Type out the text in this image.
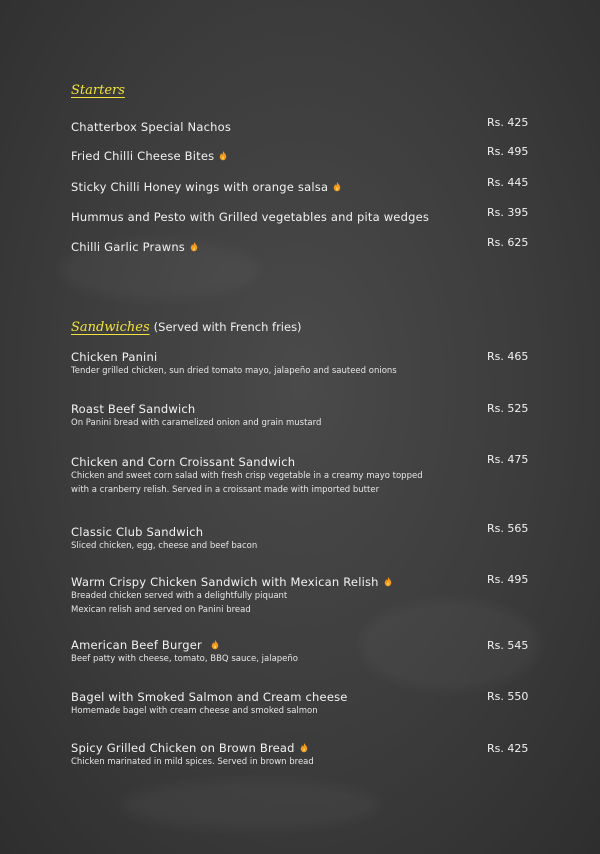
Starters
Chatterbox Special Nachos	Rs. 425
Fried Chilli Cheese Bites	Rs. 495
Sticky Chilli Honey wings with orange salsa	Rs. 445
Hummus and Pesto with Grilled vegetables and pita wedges	Rs. 395
Chilli Garlic Prawns	Rs. 625
Sandwiches (Served with French fries)
Chicken Panini
Tender grilled chicken, sun dried tomato mayo, jalapeño and sauteed onions
Rs. 465
Roast Beef Sandwich
On Panini bread with caramelized onion and grain mustard
Rs. 525
Chicken and Corn Croissant Sandwich
Chicken and sweet corn salad with fresh crisp vegetable in a creamy mayo topped
with a cranberry relish. Served in a croissant made with imported butter
Rs. 475
Classic Club Sandwich
Sliced chicken, egg, cheese and beef bacon
Rs. 565
Warm Crispy Chicken Sandwich with Mexican Relish
Breaded chicken served with a delightfully piquant
Mexican relish and served on Panini bread
Rs. 495
American Beef Burger
Beef patty with cheese, tomato, BBQ sauce, jalapeño
Rs. 545
Bagel with Smoked Salmon and Cream cheese
Homemade bagel with cream cheese and smoked salmon
Rs. 550
Spicy Grilled Chicken on Brown Bread
Chicken marinated in mild spices. Served in brown bread
Rs. 425
